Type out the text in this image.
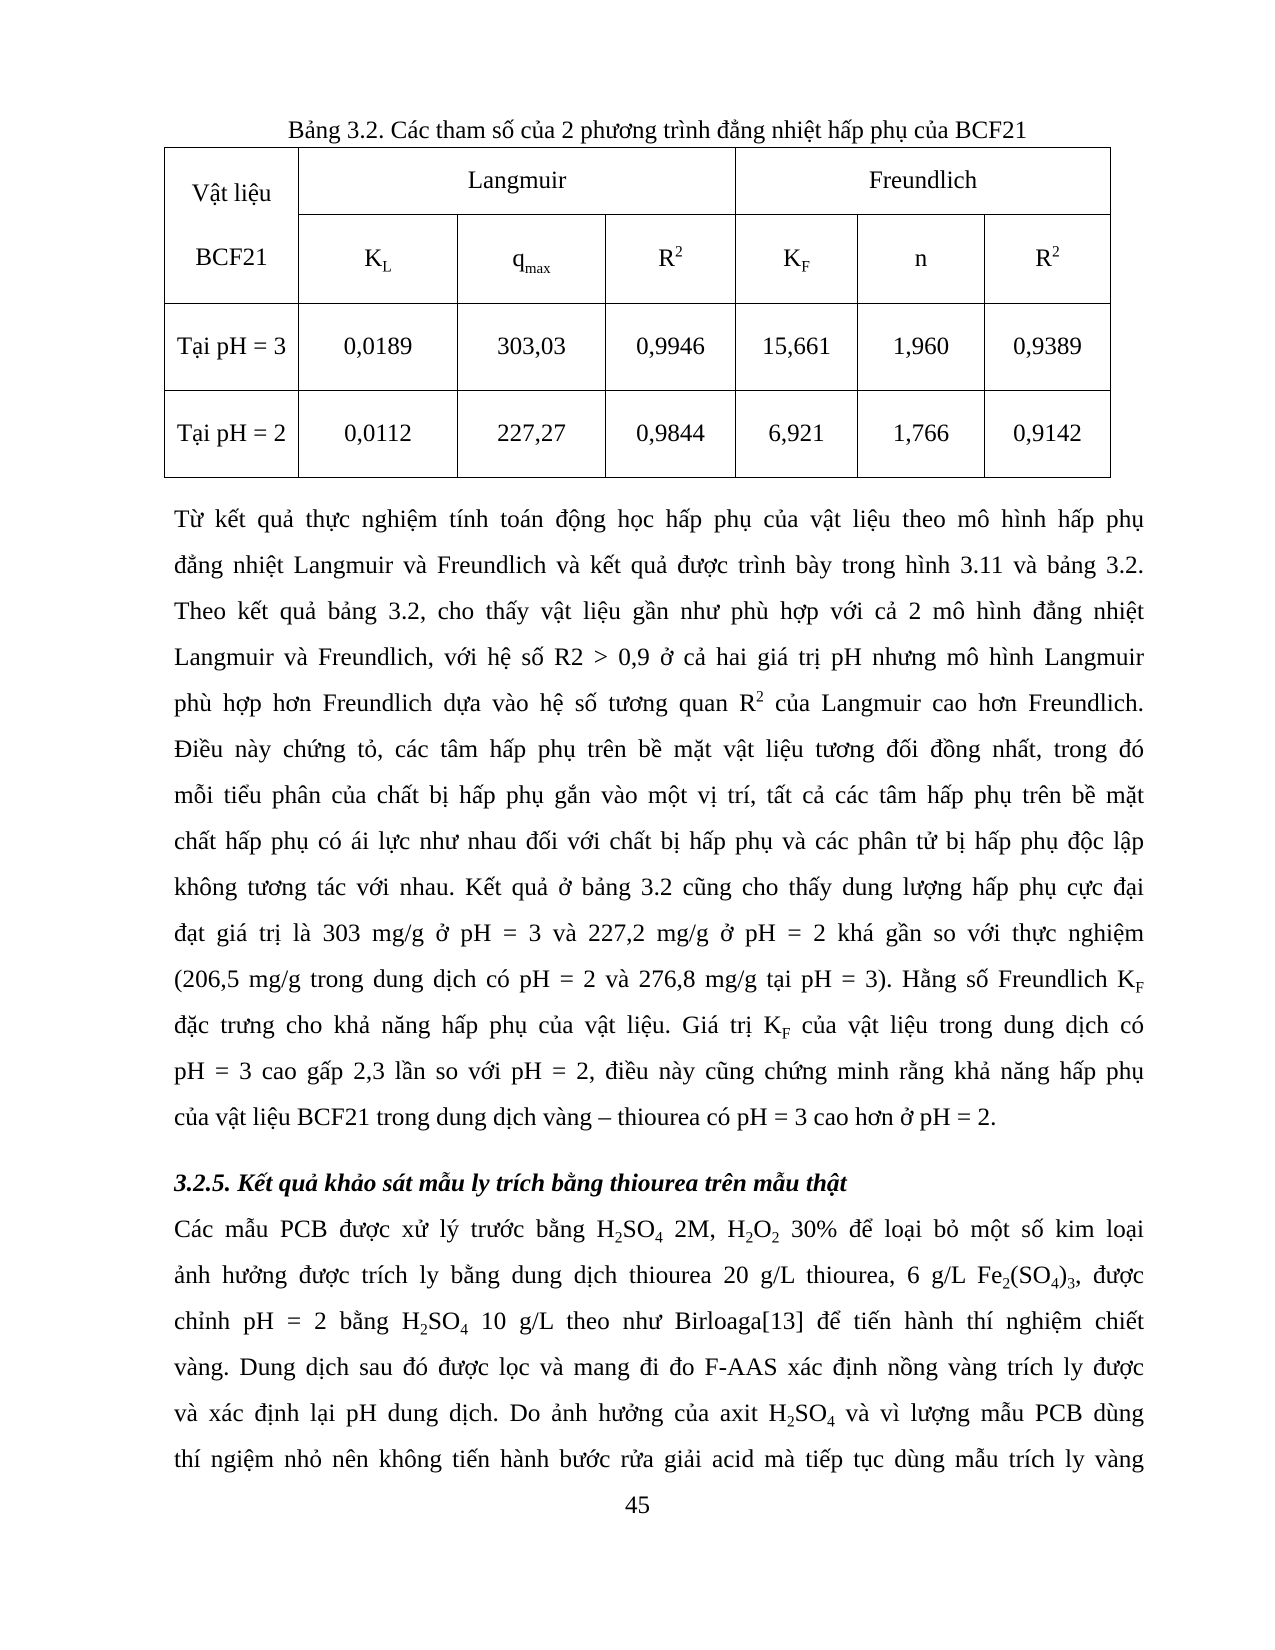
Bảng 3.2. Các tham số của 2 phương trình đẳng nhiệt hấp phụ của BCF21
Vật liệu
BCF21	Langmuir			Freundlich		
	$K_L$	$q_{max}$	$R^2$	$K_F$	n	$R^2$
Tại pH = 3	0,0189	303,03	0,9946	15,661	1,960	0,9389
Tại pH = 2	0,0112	227,27	0,9844	6,921	1,766	0,9142
Từ kết quả thực nghiệm tính toán động học hấp phụ của vật liệu theo mô hình hấp phụ
đẳng nhiệt Langmuir và Freundlich và kết quả được trình bày trong hình 3.11 và bảng 3.2.
Theo kết quả bảng 3.2, cho thấy vật liệu gần như phù hợp với cả 2 mô hình đẳng nhiệt
Langmuir và Freundlich, với hệ số R2 > 0,9 ở cả hai giá trị pH nhưng mô hình Langmuir
phù hợp hơn Freundlich dựa vào hệ số tương quan $R^2$ của Langmuir cao hơn Freundlich.
Điều này chứng tỏ, các tâm hấp phụ trên bề mặt vật liệu tương đối đồng nhất, trong đó
mỗi tiểu phân của chất bị hấp phụ gắn vào một vị trí, tất cả các tâm hấp phụ trên bề mặt
chất hấp phụ có ái lực như nhau đối với chất bị hấp phụ và các phân tử bị hấp phụ độc lập
không tương tác với nhau. Kết quả ở bảng 3.2 cũng cho thấy dung lượng hấp phụ cực đại
đạt giá trị là 303 mg/g ở pH = 3 và 227,2 mg/g ở pH = 2 khá gần so với thực nghiệm
(206,5 mg/g trong dung dịch có pH = 2 và 276,8 mg/g tại pH = 3). Hằng số Freundlich $K_F$
đặc trưng cho khả năng hấp phụ của vật liệu. Giá trị $K_F$ của vật liệu trong dung dịch có
pH = 3 cao gấp 2,3 lần so với pH = 2, điều này cũng chứng minh rằng khả năng hấp phụ
của vật liệu BCF21 trong dung dịch vàng – thiourea có pH = 3 cao hơn ở pH = 2.
3.2.5. Kết quả khảo sát mẫu ly trích bằng thiourea trên mẫu thật
Các mẫu PCB được xử lý trước bằng $H_2SO_4$ 2M, $H_2O_2$ 30% để loại bỏ một số kim loại
ảnh hưởng được trích ly bằng dung dịch thiourea 20 g/L thiourea, 6 g/L $Fe_2(SO_4)_3$, được
chỉnh pH = 2 bằng $H_2SO_4$ 10 g/L theo như Birloaga[13] để tiến hành thí nghiệm chiết
vàng. Dung dịch sau đó được lọc và mang đi đo F-AAS xác định nồng vàng trích ly được
và xác định lại pH dung dịch. Do ảnh hưởng của axit $H_2SO_4$ và vì lượng mẫu PCB dùng
thí ngiệm nhỏ nên không tiến hành bước rửa giải acid mà tiếp tục dùng mẫu trích ly vàng
45
